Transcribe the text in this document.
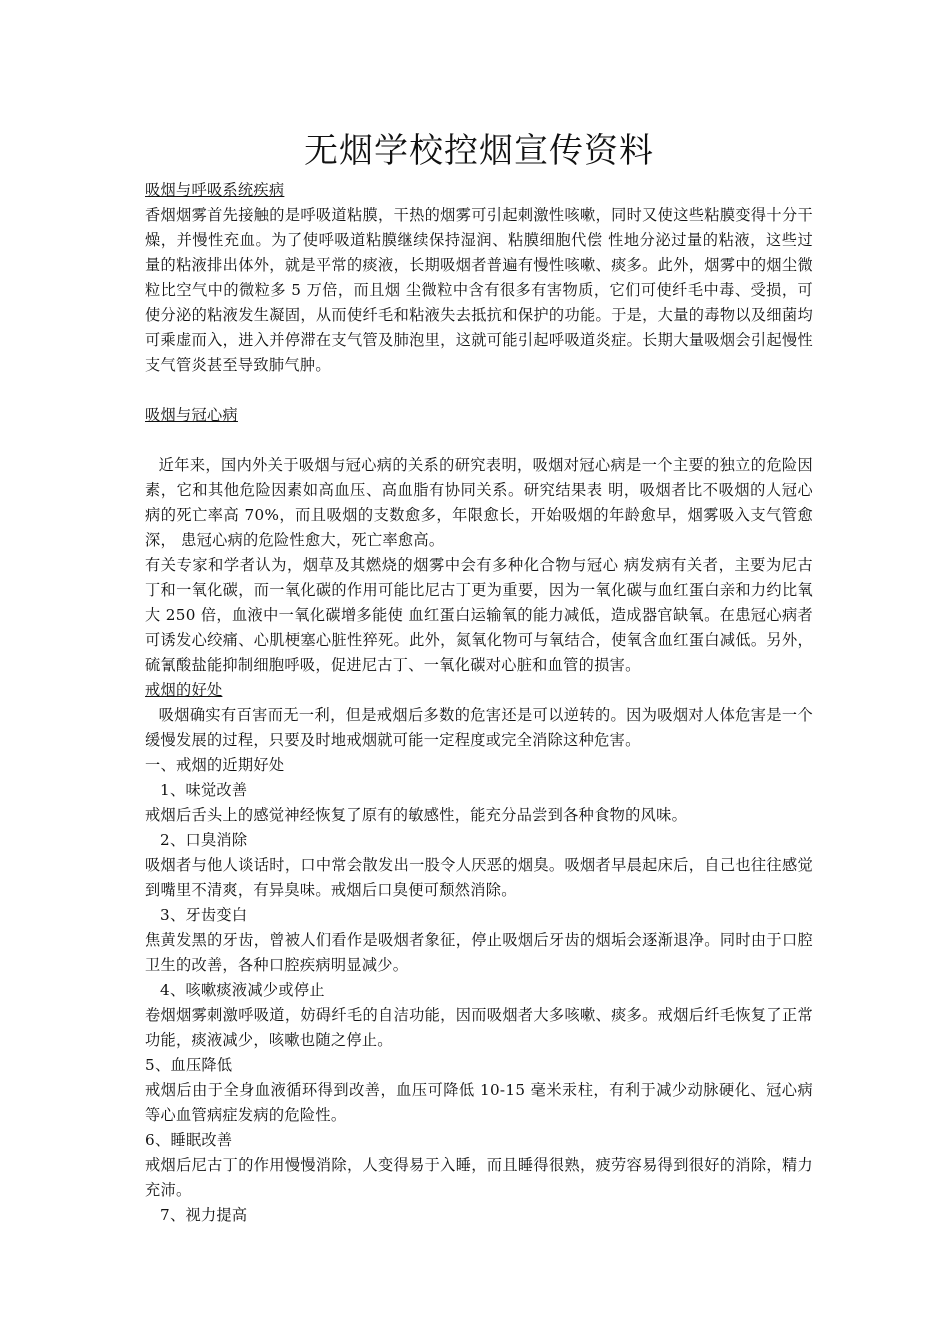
无烟学校控烟宣传资料

吸烟与呼吸系统疾病

香烟烟雾首先接触的是呼吸道粘膜，干热的烟雾可引起刺激性咳嗽，同时又使这些粘膜变得十分干燥，并慢性充血。为了使呼吸道粘膜继续保持湿润、粘膜细胞代偿 性地分泌过量的粘液，这些过量的粘液排出体外，就是平常的痰液，长期吸烟者普遍有慢性咳嗽、痰多。此外，烟雾中的烟尘微粒比空气中的微粒多 5 万倍，而且烟 尘微粒中含有很多有害物质，它们可使纤毛中毒、受损，可使分泌的粘液发生凝固，从而使纤毛和粘液失去抵抗和保护的功能。于是，大量的毒物以及细菌均可乘虚而入，进入并停滞在支气管及肺泡里，这就可能引起呼吸道炎症。长期大量吸烟会引起慢性支气管炎甚至导致肺气肿。

吸烟与冠心病

近年来，国内外关于吸烟与冠心病的关系的研究表明，吸烟对冠心病是一个主要的独立的危险因素，它和其他危险因素如高血压、高血脂有协同关系。研究结果表 明，吸烟者比不吸烟的人冠心病的死亡率高 70%，而且吸烟的支数愈多，年限愈长，开始吸烟的年龄愈早，烟雾吸入支气管愈深， 患冠心病的危险性愈大，死亡率愈高。

有关专家和学者认为，烟草及其燃烧的烟雾中会有多种化合物与冠心 病发病有关者，主要为尼古丁和一氧化碳，而一氧化碳的作用可能比尼古丁更为重要，因为一氧化碳与血红蛋白亲和力约比氧大 250 倍，血液中一氧化碳增多能使 血红蛋白运输氧的能力减低，造成器官缺氧。在患冠心病者可诱发心绞痛、心肌梗塞心脏性猝死。此外，氮氧化物可与氧结合，使氧含血红蛋白减低。另外，硫氰酸盐能抑制细胞呼吸，促进尼古丁、一氧化碳对心脏和血管的损害。

戒烟的好处

吸烟确实有百害而无一利，但是戒烟后多数的危害还是可以逆转的。因为吸烟对人体危害是一个缓慢发展的过程，只要及时地戒烟就可能一定程度或完全消除这种危害。

一、戒烟的近期好处

1、味觉改善

戒烟后舌头上的感觉神经恢复了原有的敏感性，能充分品尝到各种食物的风味。

2、口臭消除

吸烟者与他人谈话时，口中常会散发出一股令人厌恶的烟臭。吸烟者早晨起床后，自己也往往感觉到嘴里不清爽，有异臭味。戒烟后口臭便可颓然消除。

3、牙齿变白

焦黄发黑的牙齿，曾被人们看作是吸烟者象征，停止吸烟后牙齿的烟垢会逐渐退净。同时由于口腔卫生的改善，各种口腔疾病明显减少。

4、咳嗽痰液减少或停止

卷烟烟雾刺激呼吸道，妨碍纤毛的自洁功能，因而吸烟者大多咳嗽、痰多。戒烟后纤毛恢复了正常功能，痰液减少，咳嗽也随之停止。

5、血压降低

戒烟后由于全身血液循环得到改善，血压可降低 10-15 毫米汞柱，有利于减少动脉硬化、冠心病等心血管病症发病的危险性。

6、睡眠改善

戒烟后尼古丁的作用慢慢消除，人变得易于入睡，而且睡得很熟，疲劳容易得到很好的消除，精力充沛。

7、视力提高
